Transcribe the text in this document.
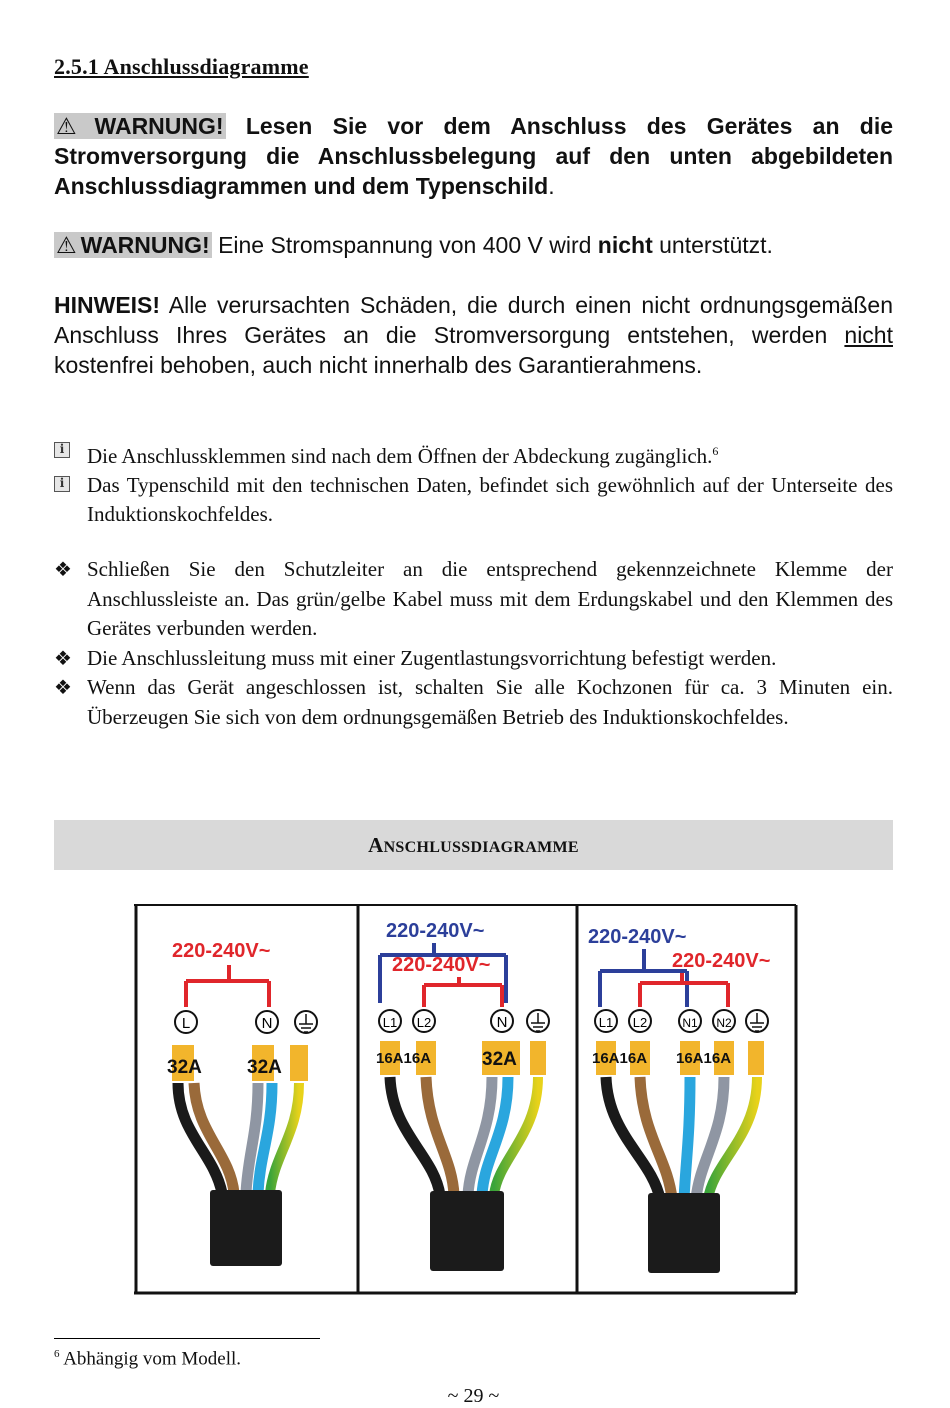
2.5.1 Anschlussdiagramme
⚠ WARNUNG! Lesen Sie vor dem Anschluss des Gerätes an die Stromversorgung die Anschlussbelegung auf den unten abgebildeten Anschlussdiagrammen und dem Typenschild.
⚠ WARNUNG! Eine Stromspannung von 400 V wird nicht unterstützt.
HINWEIS! Alle verursachten Schäden, die durch einen nicht ordnungsgemäßen Anschluss Ihres Gerätes an die Stromversorgung entstehen, werden nicht kostenfrei behoben, auch nicht innerhalb des Garantierahmens.
i Die Anschlussklemmen sind nach dem Öffnen der Abdeckung zugänglich.$^6$
i Das Typenschild mit den technischen Daten, befindet sich gewöhnlich auf der Unterseite des Induktionskochfeldes.
❖ Schließen Sie den Schutzleiter an die entsprechend gekennzeichnete Klemme der Anschlussleiste an. Das grün/gelbe Kabel muss mit dem Erdungskabel und den Klemmen des Gerätes verbunden werden.
❖ Die Anschlussleitung muss mit einer Zugentlastungsvorrichtung befestigt werden.
❖ Wenn das Gerät angeschlossen ist, schalten Sie alle Kochzonen für ca. 3 Minuten ein. Überzeugen Sie sich von dem ordnungsgemäßen Betrieb des Induktionskochfeldes.
ANSCHLUSSDIAGRAMME
220-240V~
L	N
32A 32A
220-240V~
220-240V~
L1 L2	N
16A16A	32A
220-240V~
220-240V~
L1 L2	N1 N2
16A16A 16A16A
$^6$ Abhängig vom Modell.
~ 29 ~
